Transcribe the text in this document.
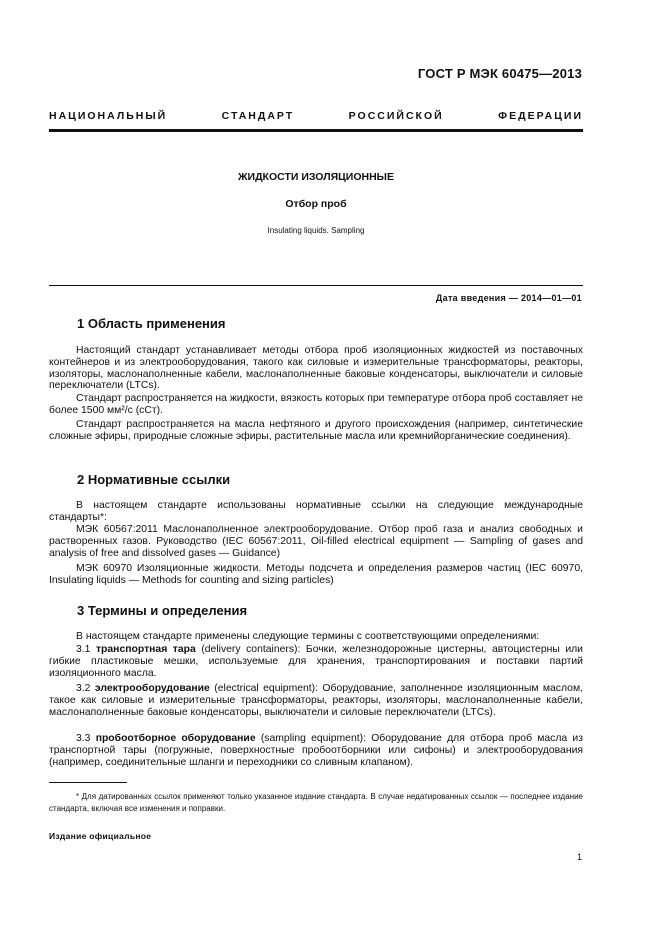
ГОСТ Р МЭК 60475—2013
НАЦИОНАЛЬНЫЙ СТАНДАРТ РОССИЙСКОЙ ФЕДЕРАЦИИ
ЖИДКОСТИ ИЗОЛЯЦИОННЫЕ
Отбор проб
Insulating liquids. Sampling
Дата введения — 2014—01—01
1 Область применения

Настоящий стандарт устанавливает методы отбора проб изоляционных жидкостей из поставочных контейнеров и из электрооборудования, такого как силовые и измерительные трансформаторы, реакторы, изоляторы, маслонаполненные кабели, маслонаполненные баковые конденсаторы, выключатели и силовые переключатели (LTCs).

Стандарт распространяется на жидкости, вязкость которых при температуре отбора проб составляет не более 1500 мм²/с (сСт).

Стандарт распространяется на масла нефтяного и другого происхождения (например, синтетические сложные эфиры, природные сложные эфиры, растительные масла или кремнийорганические соединения).

2 Нормативные ссылки

В настоящем стандарте использованы нормативные ссылки на следующие международные стандарты*:

МЭК 60567:2011 Маслонаполненное электрооборудование. Отбор проб газа и анализ свободных и растворенных газов. Руководство (IEC 60567:2011, Oil-filled electrical equipment — Sampling of gases and analysis of free and dissolved gases — Guidance)

МЭК 60970 Изоляционные жидкости. Методы подсчета и определения размеров частиц (IEC 60970, Insulating liquids — Methods for counting and sizing particles)

3 Термины и определения

В настоящем стандарте применены следующие термины с соответствующими определениями:

3.1 транспортная тара (delivery containers): Бочки, железнодорожные цистерны, автоцистерны или гибкие пластиковые мешки, используемые для хранения, транспортирования и поставки партий изоляционного масла.

3.2 электрооборудование (electrical equipment): Оборудование, заполненное изоляционным маслом, такое как силовые и измерительные трансформаторы, реакторы, изоляторы, маслонаполненные кабели, маслонаполненные баковые конденсаторы, выключатели и силовые переключатели (LTCs).

3.3 пробоотборное оборудование (sampling equipment): Оборудование для отбора проб масла из транспортной тары (погружные, поверхностные пробоотборники или сифоны) и электрооборудования (например, соединительные шланги и переходники со сливным клапаном).

* Для датированных ссылок применяют только указанное издание стандарта. В случае недатированных ссылок — последнее издание стандарта, включая все изменения и поправки.

Издание официальное
1
